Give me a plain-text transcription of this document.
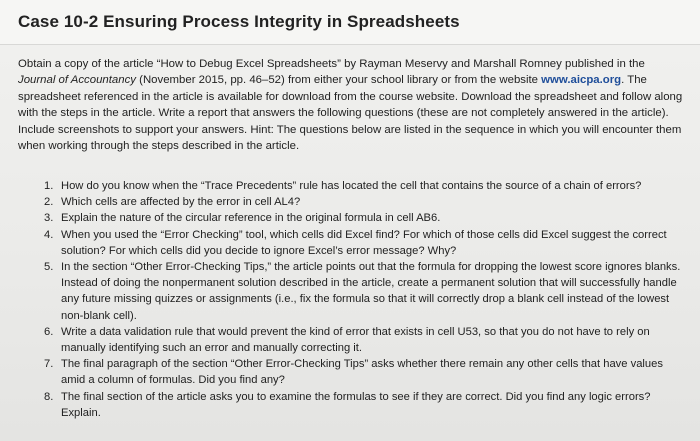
Case 10-2 Ensuring Process Integrity in Spreadsheets
Obtain a copy of the article “How to Debug Excel Spreadsheets” by Rayman Meservy and Marshall Romney published in the Journal of Accountancy (November 2015, pp. 46–52) from either your school library or from the website www.aicpa.org. The spreadsheet referenced in the article is available for download from the course website. Download the spreadsheet and follow along with the steps in the article. Write a report that answers the following questions (these are not completely answered in the article). Include screenshots to support your answers. Hint: The questions below are listed in the sequence in which you will encounter them when working through the steps described in the article.
1. How do you know when the “Trace Precedents” rule has located the cell that contains the source of a chain of errors?
2. Which cells are affected by the error in cell AL4?
3. Explain the nature of the circular reference in the original formula in cell AB6.
4. When you used the “Error Checking” tool, which cells did Excel find? For which of those cells did Excel suggest the correct solution? For which cells did you decide to ignore Excel’s error message? Why?
5. In the section “Other Error-Checking Tips,” the article points out that the formula for dropping the lowest score ignores blanks. Instead of doing the nonpermanent solution described in the article, create a permanent solution that will successfully handle any future missing quizzes or assignments (i.e., fix the formula so that it will correctly drop a blank cell instead of the lowest non-blank cell).
6. Write a data validation rule that would prevent the kind of error that exists in cell U53, so that you do not have to rely on manually identifying such an error and manually correcting it.
7. The final paragraph of the section “Other Error-Checking Tips” asks whether there remain any other cells that have values amid a column of formulas. Did you find any?
8. The final section of the article asks you to examine the formulas to see if they are correct. Did you find any logic errors? Explain.
